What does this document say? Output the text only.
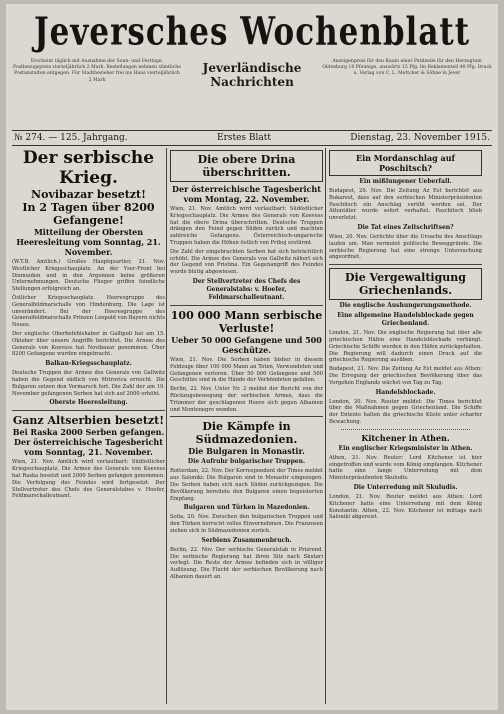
Jeversches Wochenblatt
Erscheint täglich mit Ausnahme der Sonn- und Festtage. Postbezugspreis vierteljährlich 2 Mark. Bestellungen nehmen sämtliche Postanstalten entgegen. Für Stadtbezieher frei ins Haus vierteljährlich 2 Mark
Jeverländische
Nachrichten
Anzeigenpreis für den Raum einer Petitzeile für den Herzogtum Oldenburg 10 Pfennige, auswärts 15 Pfg. Im Reklamenteil 40 Pfg. Druck u. Verlag von C. L. Mettcker & Söhne in Jever
№ 274. — 125. Jahrgang.	Erstes Blatt	Dienstag, 23. November 1915.
Der serbische Krieg.
Novibazar besetzt!
In 2 Tagen über 8200 Gefangene!
Mitteilung der Obersten Heeresleitung vom Sonntag, 21. November.
(W.T.B. Amtlich.) Großes Hauptquartier, 21. Nov. Westlicher Kriegsschauplatz. An der Yser-Front bei Dixmuiden und in den Argonnen keine größeren Unternehmungen. Deutsche Flieger griffen feindliche Stellungen erfolgreich an.
Östlicher Kriegsschauplatz. Heeresgruppe des Generalfeldmarschalls von Hindenburg. Die Lage ist unverändert. Bei der Heeresgruppe des Generalfeldmarschalls Prinzen Leopold von Bayern nichts Neues.
Der englische Oberbefehlshaber in Gallipoli hat am 15. Oktober über unsere Angriffe berichtet. Die Armee des Generals von Koevess hat Novibazar genommen. Über 8200 Gefangene wurden eingebracht.
Balkan-Kriegsschauplatz.
Deutsche Truppen der Armee des Generals von Gallwitz haben die Gegend südlich von Mitrovica erreicht. Die Bulgaren setzen den Vormarsch fort. Die Zahl der am 19. November gefangenen Serben hat sich auf 2000 erhöht.
Oberste Heeresleitung.
Ganz Altserbien besetzt!
Bei Raska 2000 Serben gefangen.
Der österreichische Tagesbericht vom Sonntag, 21. November.
Wien, 21. Nov. Amtlich wird verlautbart: Südöstlicher Kriegsschauplatz. Die Armee des Generals von Koevess hat Raska besetzt und 2000 Serben gefangen genommen. Die Verfolgung des Feindes wird fortgesetzt. Der Stellvertreter des Chefs des Generalstabes v. Hoefer, Feldmarschalleutnant.
Die obere Drina überschritten.
Der österreichische Tagesbericht vom Montag, 22. November.
Wien, 21. Nov. Amtlich wird verlautbart: Südöstlicher Kriegsschauplatz. Die Armee des Generals von Koevess hat die obere Drina überschritten. Deutsche Truppen drängen den Feind gegen Süden zurück und machten zahlreiche Gefangene. Österreichisch-ungarische Truppen haben die Höhen östlich von Priboj erstürmt.
Die Zahl der eingebrachten Serben hat sich beträchtlich erhöht. Die Armee des Generals von Gallwitz nähert sich der Gegend von Pristina. Ein Gegenangriff des Feindes wurde blutig abgewiesen.
Der Stellvertreter des Chefs des Generalstabs: v. Hoefer, Feldmarschalleutnant.
100 000 Mann serbische Verluste!
Ueber 50 000 Gefangene und 500 Geschütze.
Wien, 21. Nov. Die Serben haben bisher in diesem Feldzuge über 100 000 Mann an Toten, Verwundeten und Gefangenen verloren. Über 50 000 Gefangene und 500 Geschütze sind in die Hände der Verbündeten gefallen.
Berlin, 22. Nov. Unter Nr. 2 meldet der Bericht von der Rückzugsbewegung der serbischen Armee, dass die Trümmer der geschlagenen Heere sich gegen Albanien und Montenegro wenden.
Die Kämpfe in Südmazedonien.
Die Bulgaren in Monastir.
Die Aufruhr bulgarischer Truppen.
Rotterdam, 22. Nov. Der Korrespondent der Times meldet aus Saloniki: Die Bulgaren sind in Monastir eingezogen. Die Serben haben sich nach Süden zurückgezogen. Die Bevölkerung bereitete den Bulgaren einen begeisterten Empfang.
Bulgaren und Türken in Mazedonien.
Sofia, 20. Nov. Zwischen den bulgarischen Truppen und den Türken herrscht volles Einvernehmen. Die Franzosen ziehen sich in Südmazedonien zurück.
Serbiens Zusammenbruch.
Berlin, 22. Nov. Der serbische Generalstab in Prizrend. Die serbische Regierung hat ihren Sitz nach Skutari verlegt. Die Reste der Armee befinden sich in völliger Auflösung. Die Flucht der serbischen Bevölkerung nach Albanien dauert an.
Ein Mordanschlag auf Poschitsch?
Ein mißlungener Ueberfall.
Budapest, 20. Nov. Die Zeitung Az Est berichtet aus Bukarest, dass auf den serbischen Ministerpräsidenten Paschitsch ein Anschlag verübt worden sei. Der Attentäter wurde sofort verhaftet. Paschitsch blieb unverletzt.
Die Tat eines Zeitschriftsen?
Wien, 20. Nov. Gerüchte über die Ursache des Anschlags laufen um. Man vermutet politische Beweggründe. Die serbische Regierung hat eine strenge Untersuchung angeordnet.
Die Vergewaltigung Griechenlands.
Die englische Aushungerungsmethode.
Eine allgemeine Handelsblockade gegen Griechenland.
London, 21. Nov. Die englische Regierung hat über alle griechischen Häfen eine Handelsblockade verhängt. Griechische Schiffe werden in den Häfen zurückgehalten. Die Regierung will dadurch einen Druck auf die griechische Regierung ausüben.
Budapest, 21. Nov. Die Zeitung Az Est meldet aus Athen: Die Erregung der griechischen Bevölkerung über das Vorgehen Englands wächst von Tag zu Tag.
Handelsblockade.
London, 20. Nov. Reuter meldet: Die Times berichtet über die Maßnahmen gegen Griechenland. Die Schiffe der Entente halten die griechische Küste unter scharfer Bewachung.
Kitchener in Athen.
Ein englischer Kriegsminister in Athen.
Athen, 21. Nov. Reuter: Lord Kitchener ist hier eingetroffen und wurde vom König empfangen. Kitchener hatte eine lange Unterredung mit dem Ministerpräsidenten Skuludis.
Die Unterredung mit Skuludis.
London, 21. Nov. Reuter meldet aus Athen: Lord Kitchener hatte eine Unterredung mit dem König Konstantin. Athen, 22. Nov. Kitchener ist mittags nach Saloniki abgereist.
